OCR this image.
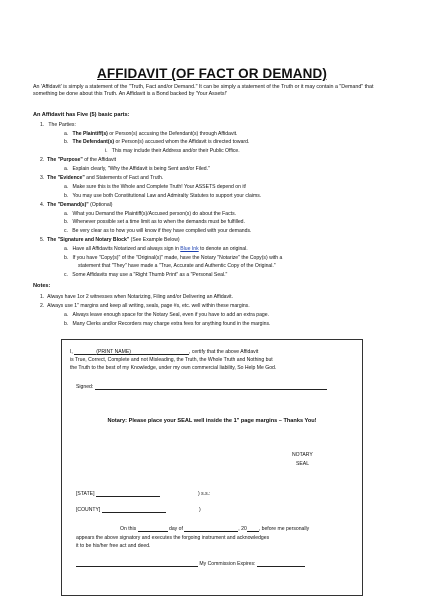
AFFIDAVIT (OF FACT OR DEMAND)
An 'Affidavit' is simply a statement of the "Truth, Fact and/or Demand." It can be simply a statement of the Truth or it may contain a "Demand" that something be done about this Truth. An Affidavit is a Bond backed by 'Your Assets!'
An Affidavit has Five (5) basic parts:
1. The Parties:
a.   The Plaintiff(s) or Person(s) accusing the Defendant(s) through Affidavit.
b.   The Defendant(s) or Person(s) accused whom the Affidavit is directed toward.
i.   This may include their Address and/or their Public Office.
2. The "Purpose" of the Affidavit
a.   Explain clearly, "Why the Affidavit is being Sent and/or Filed."
3. The "Evidence" and Statements of Fact and Truth.
a.   Make sure this is the Whole and Complete Truth! Your ASSETS depend on it!
b.   You may use both Constitutional Law and Admiralty Statutes to support your claims.
4. The "Demand(s)" (Optional)
a.   What you Demand the Plaintiff(s)/Accused person(s) do about the Facts.
b.   Whenever possible set a time limit as to when the demands must be fulfilled.
c.   Be very clear as to how you will know if they have complied with your demands.
5. The "Signature and Notary Block" (See Example Below)
a.   Have all Affidavits Notarized and always sign in Blue Ink to denote an original.
b.   If you have "Copy(s)" of the "Original(s)" made, have the Notary "Notarize" the Copy(s) with a
statement that "They" have made a "True, Accurate and Authentic Copy of the Original."
c.   Some Affidavits may use a "Right Thumb Print" as a "Personal Seal."
Notes:
1.  Always have 1or 2 witnesses when Notarizing, Filing and/or Delivering an Affidavit.
2.  Always use 1" margins and keep all writing, seals, page #s, etc. well within these margins.
a.   Always leave enough space for the Notary Seal, even if you have to add an extra page.
b.   Many Clerks and/or Recorders may charge extra fees for anything found in the margins.
I,	(PRINT NAME)	, certify that the above Affidavit
is True, Correct, Complete and not Misleading, the Truth, the Whole Truth and Nothing but
the Truth to the best of my Knowledge, under my own commercial liability, So Help Me God.
Signed:
Notary: Please place your SEAL well inside the 1" page margins – Thanks You!
NOTARY
SEAL
[STATE]	) s.s.:
[COUNTY]	)
On this	day of	, 20 , before me personally
appears the above signatory and executes the forgoing instrument and acknowledges
it to be his/her free act and deed.
My Commission Expires:
